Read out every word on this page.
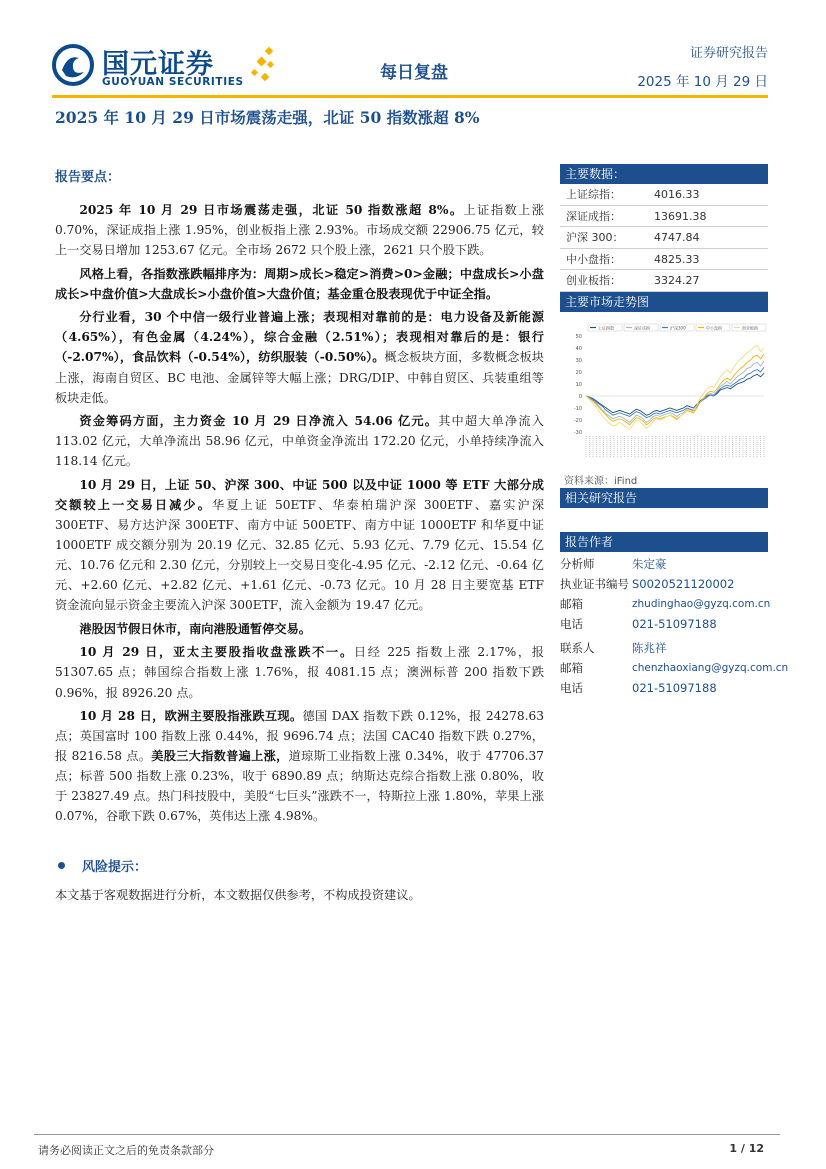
国元证券
GUOYUAN SECURITIES	每日复盘
证券研究报告
2025 年 10 月 29 日
2025 年 10 月 29 日市场震荡走强，北证 50 指数涨超 8%
报告要点：

2025 年 10 月 29 日市场震荡走强，北证 50 指数涨超 8%。上证指数上涨 0.70%，深证成指上涨 1.95%，创业板指上涨 2.93%。市场成交额 22906.75 亿元，较上一交易日增加 1253.67 亿元。全市场 2672 只个股上涨，2621 只个股下跌。

风格上看，各指数涨跌幅排序为：周期>成长>稳定>消费>0>金融；中盘成长>小盘成长>中盘价值>大盘成长>小盘价值>大盘价值；基金重仓股表现优于中证全指。

分行业看，30 个中信一级行业普遍上涨；表现相对靠前的是：电力设备及新能源（4.65%），有色金属（4.24%），综合金融（2.51%）；表现相对靠后的是：银行（-2.07%），食品饮料（-0.54%），纺织服装（-0.50%）。概念板块方面，多数概念板块上涨，海南自贸区、BC 电池、金属锌等大幅上涨；DRG/DIP、中韩自贸区、兵装重组等板块走低。

资金筹码方面，主力资金 10 月 29 日净流入 54.06 亿元。其中超大单净流入 113.02 亿元，大单净流出 58.96 亿元，中单资金净流出 172.20 亿元，小单持续净流入 118.14 亿元。

10 月 29 日，上证 50、沪深 300、中证 500 以及中证 1000 等 ETF 大部分成交额较上一交易日减少。华夏上证 50ETF、华泰柏瑞沪深 300ETF、嘉实沪深 300ETF、易方达沪深 300ETF、南方中证 500ETF、南方中证 1000ETF 和华夏中证 1000ETF 成交额分别为 20.19 亿元、32.85 亿元、5.93 亿元、7.79 亿元、15.54 亿元、10.76 亿元和 2.30 亿元，分别较上一交易日变化-4.95 亿元、-2.12 亿元、-0.64 亿元、+2.60 亿元、+2.82 亿元、+1.61 亿元、-0.73 亿元。10 月 28 日主要宽基 ETF 资金流向显示资金主要流入沪深 300ETF，流入金额为 19.47 亿元。

港股因节假日休市，南向港股通暂停交易。

10 月 29 日，亚太主要股指收盘涨跌不一。日经 225 指数上涨 2.17%，报 51307.65 点；韩国综合指数上涨 1.76%，报 4081.15 点；澳洲标普 200 指数下跌 0.96%，报 8926.20 点。

10 月 28 日，欧洲主要股指涨跌互现。德国 DAX 指数下跌 0.12%，报 24278.63 点；英国富时 100 指数上涨 0.44%，报 9696.74 点；法国 CAC40 指数下跌 0.27%，报 8216.58 点。美股三大指数普遍上涨，道琼斯工业指数上涨 0.34%，收于 47706.37 点；标普 500 指数上涨 0.23%，收于 6890.89 点；纳斯达克综合指数上涨 0.80%，收于 23827.49 点。热门科技股中，美股“七巨头”涨跌不一，特斯拉上涨 1.80%，苹果上涨 0.07%，谷歌下跌 0.67%，英伟达上涨 4.98%。

风险提示：
本文基于客观数据进行分析，本文数据仅供参考，不构成投资建议。
主要数据：
上证综指：	4016.33
深证成指：	13691.38
沪深 300：	4747.84
中小盘指：	4825.33
创业板指：	3324.27
主要市场走势图
上证指数	深证成指	沪深300	中小盘指	创业板指
50
40
30
20
10
0
-10
-20
-30
资料来源：iFind
相关研究报告
报告作者
分析师	朱定豪
执业证书编号 S0020521120002
邮箱	zhudinghao@gyzq.com.cn
电话	021-51097188
联系人	陈兆祥
邮箱	chenzhaoxiang@gyzq.com.cn
电话	021-51097188
请务必阅读正文之后的免责条款部分	1 / 12
